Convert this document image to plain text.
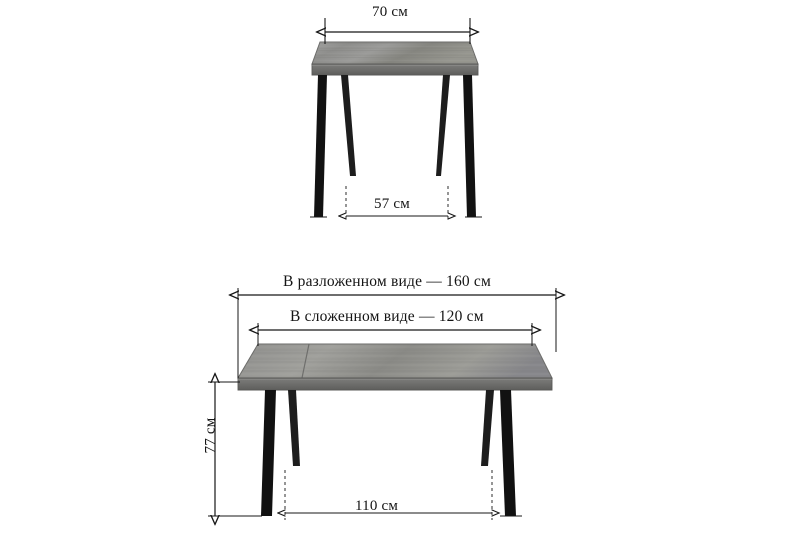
70 см
57 см
В разложенном виде — 160 см
В сложенном виде — 120 см
110 см
77 см
